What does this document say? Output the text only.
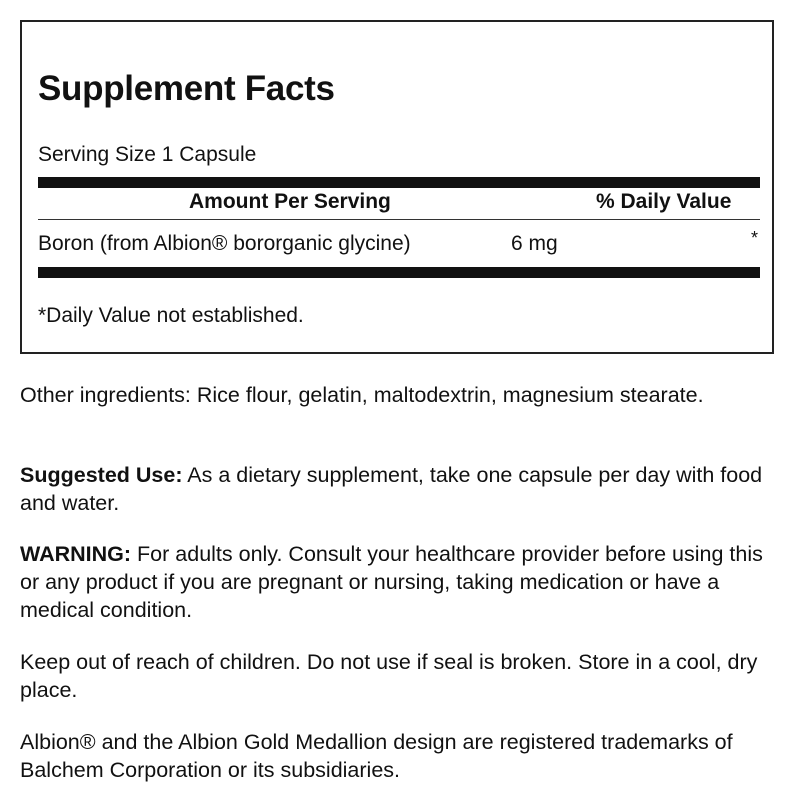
Supplement Facts
Serving Size 1 Capsule
Amount Per Serving	% Daily Value
Boron (from Albion® bororganic glycine)	6 mg	*
*Daily Value not established.

Other ingredients: Rice flour, gelatin, maltodextrin, magnesium stearate.

Suggested Use: As a dietary supplement, take one capsule per day with food and water.

WARNING: For adults only. Consult your healthcare provider before using this or any product if you are pregnant or nursing, taking medication or have a medical condition.

Keep out of reach of children. Do not use if seal is broken. Store in a cool, dry place.

Albion® and the Albion Gold Medallion design are registered trademarks of Balchem Corporation or its subsidiaries.
